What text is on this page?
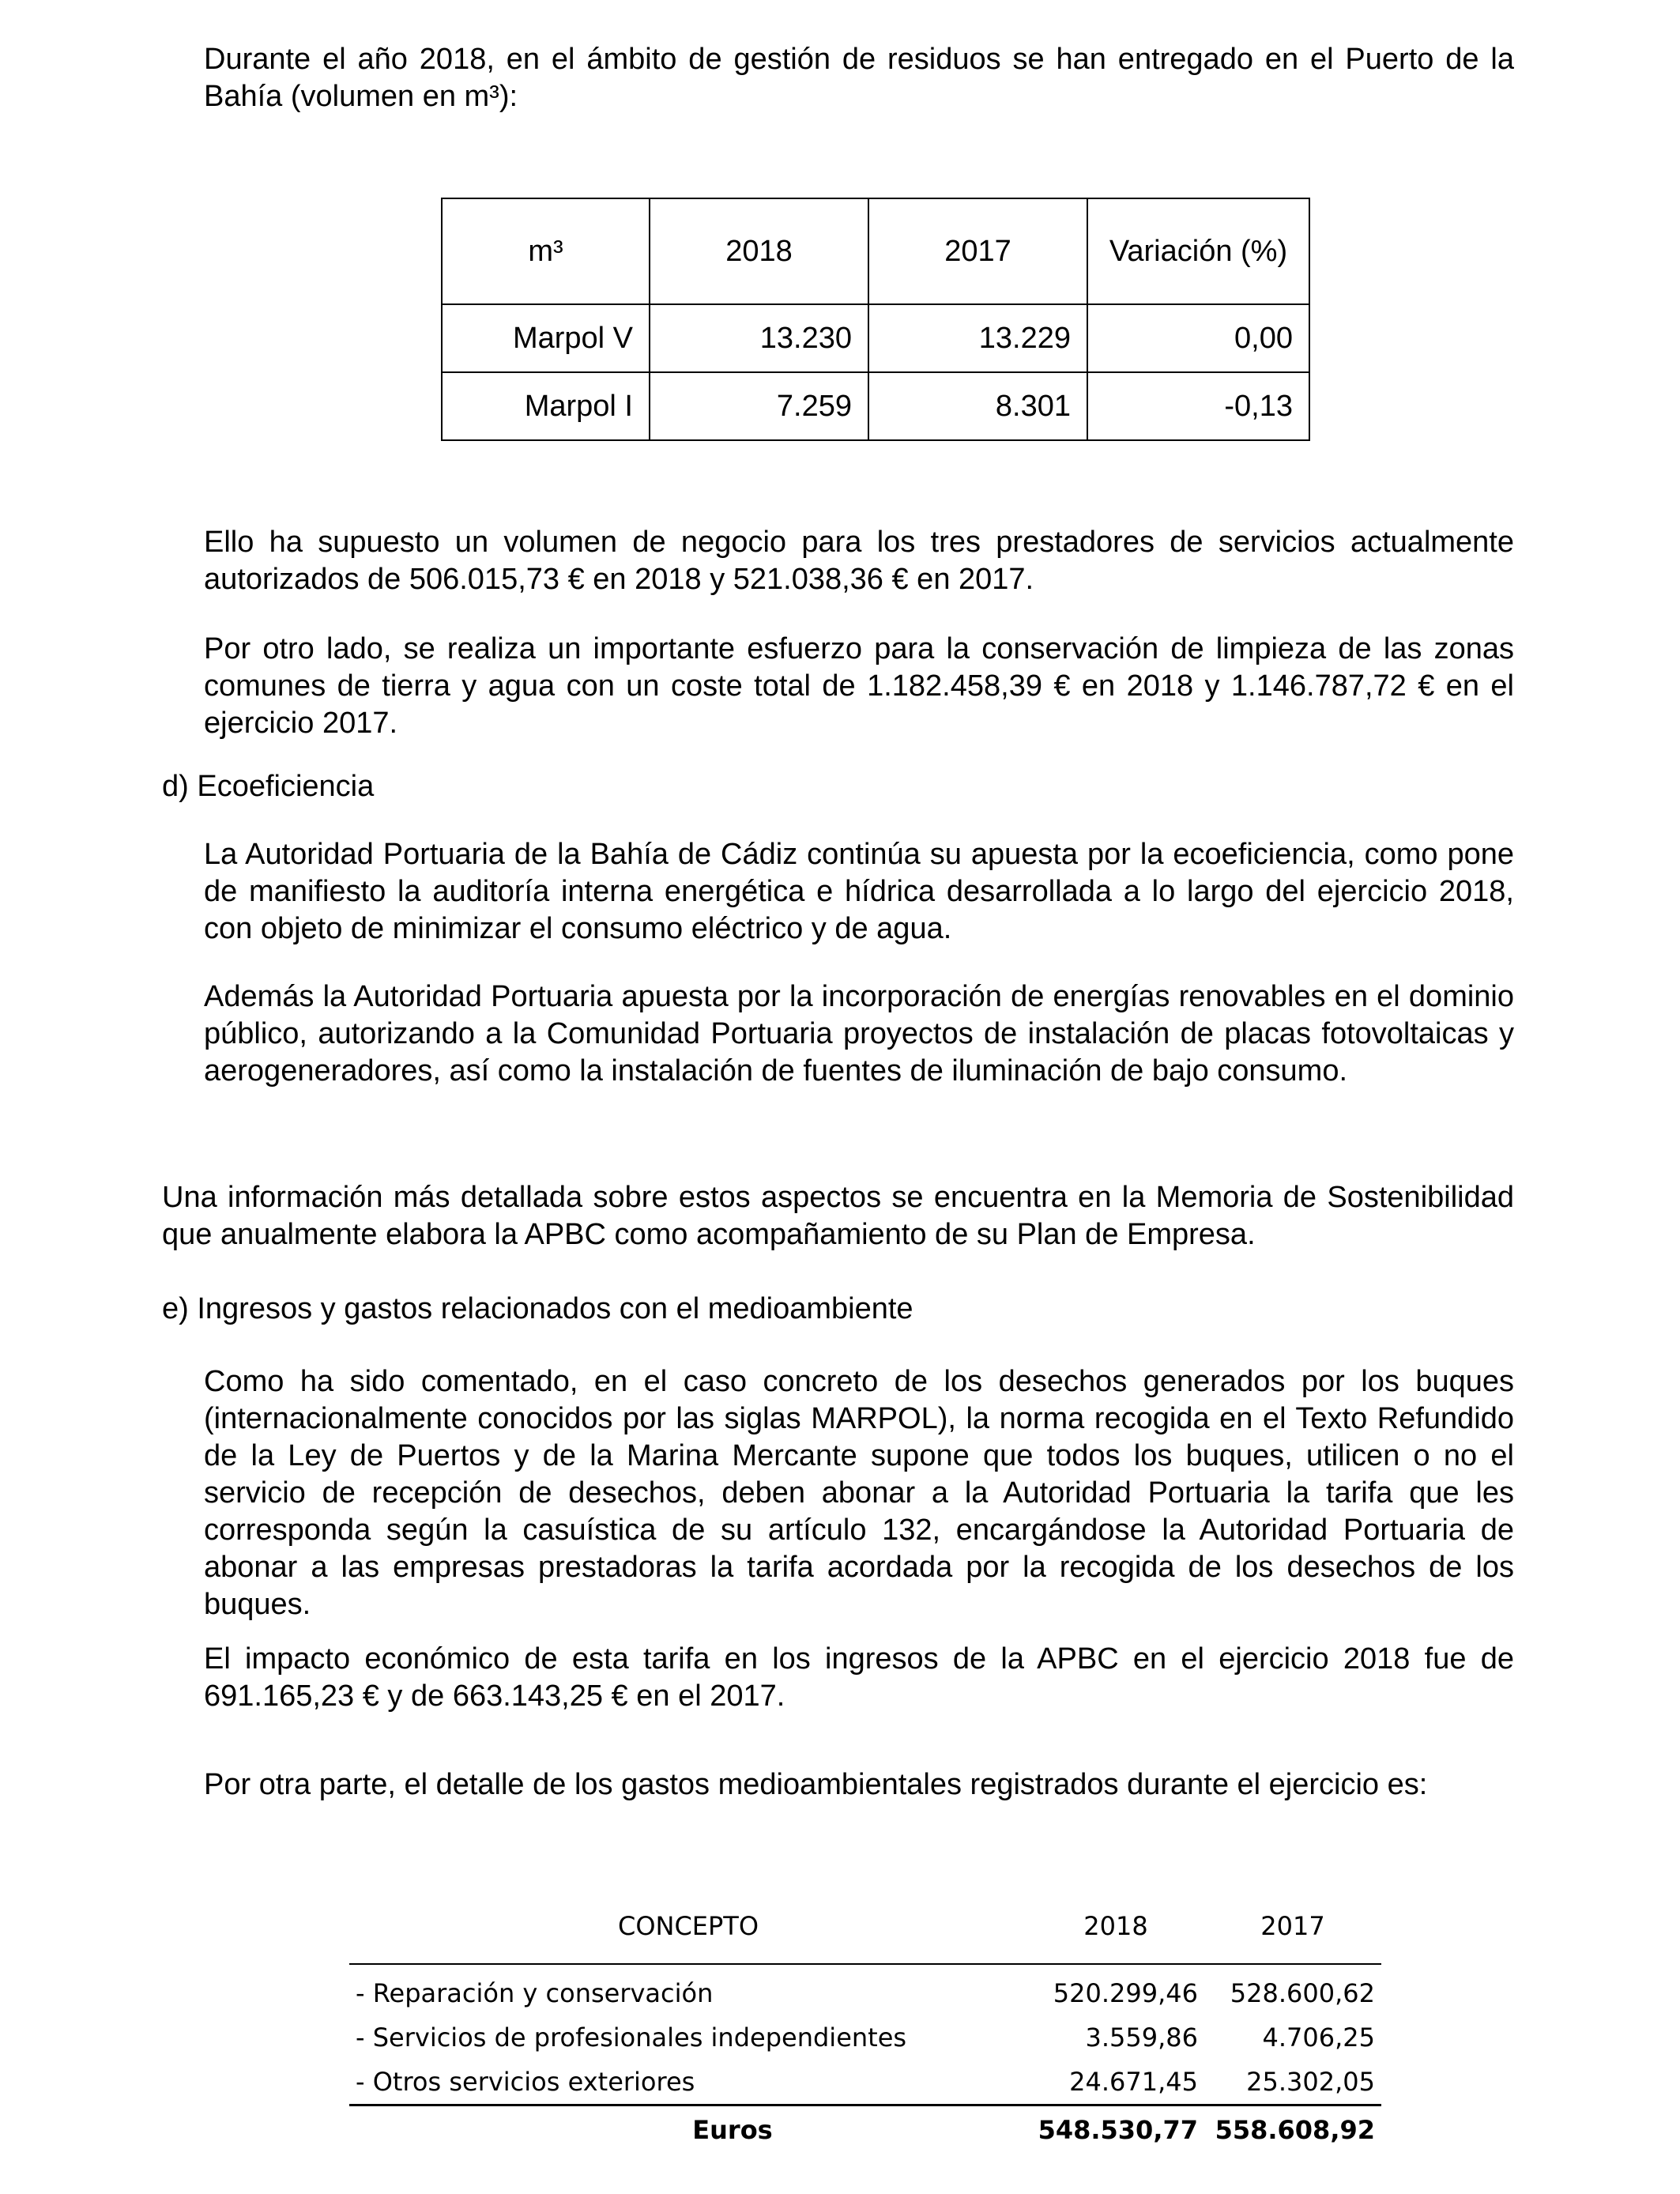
Durante el año 2018, en el ámbito de gestión de residuos se han entregado en el Puerto de la Bahía (volumen en m³):

m³	2018	2017	Variación (%)
Marpol V	13.230	13.229	0,00
Marpol I	7.259	8.301	-0,13

Ello ha supuesto un volumen de negocio para los tres prestadores de servicios actualmente autorizados de 506.015,73 € en 2018 y 521.038,36 € en 2017.

Por otro lado, se realiza un importante esfuerzo para la conservación de limpieza de las zonas comunes de tierra y agua con un coste total de 1.182.458,39 € en 2018 y 1.146.787,72 € en el ejercicio 2017.

d) Ecoeficiencia

La Autoridad Portuaria de la Bahía de Cádiz continúa su apuesta por la ecoeficiencia, como pone de manifiesto la auditoría interna energética e hídrica desarrollada a lo largo del ejercicio 2018, con objeto de minimizar el consumo eléctrico y de agua.

Además la Autoridad Portuaria apuesta por la incorporación de energías renovables en el dominio público, autorizando a la Comunidad Portuaria proyectos de instalación de placas fotovoltaicas y aerogeneradores, así como la instalación de fuentes de iluminación de bajo consumo.

Una información más detallada sobre estos aspectos se encuentra en la Memoria de Sostenibilidad que anualmente elabora la APBC como acompañamiento de su Plan de Empresa.

e) Ingresos y gastos relacionados con el medioambiente

Como ha sido comentado, en el caso concreto de los desechos generados por los buques (internacionalmente conocidos por las siglas MARPOL), la norma recogida en el Texto Refundido de la Ley de Puertos y de la Marina Mercante supone que todos los buques, utilicen o no el servicio de recepción de desechos, deben abonar a la Autoridad Portuaria la tarifa que les corresponda según la casuística de su artículo 132, encargándose la Autoridad Portuaria de abonar a las empresas prestadoras la tarifa acordada por la recogida de los desechos de los buques.

El impacto económico de esta tarifa en los ingresos de la APBC en el ejercicio 2018 fue de 691.165,23 € y de 663.143,25 € en el 2017.

Por otra parte, el detalle de los gastos medioambientales registrados durante el ejercicio es:

CONCEPTO	2018	2017

- Reparación y conservación	520.299,46	528.600,62
- Servicios de profesionales independientes	3.559,86	4.706,25
- Otros servicios exteriores	24.671,45	25.302,05
Euros	548.530,77	558.608,92
